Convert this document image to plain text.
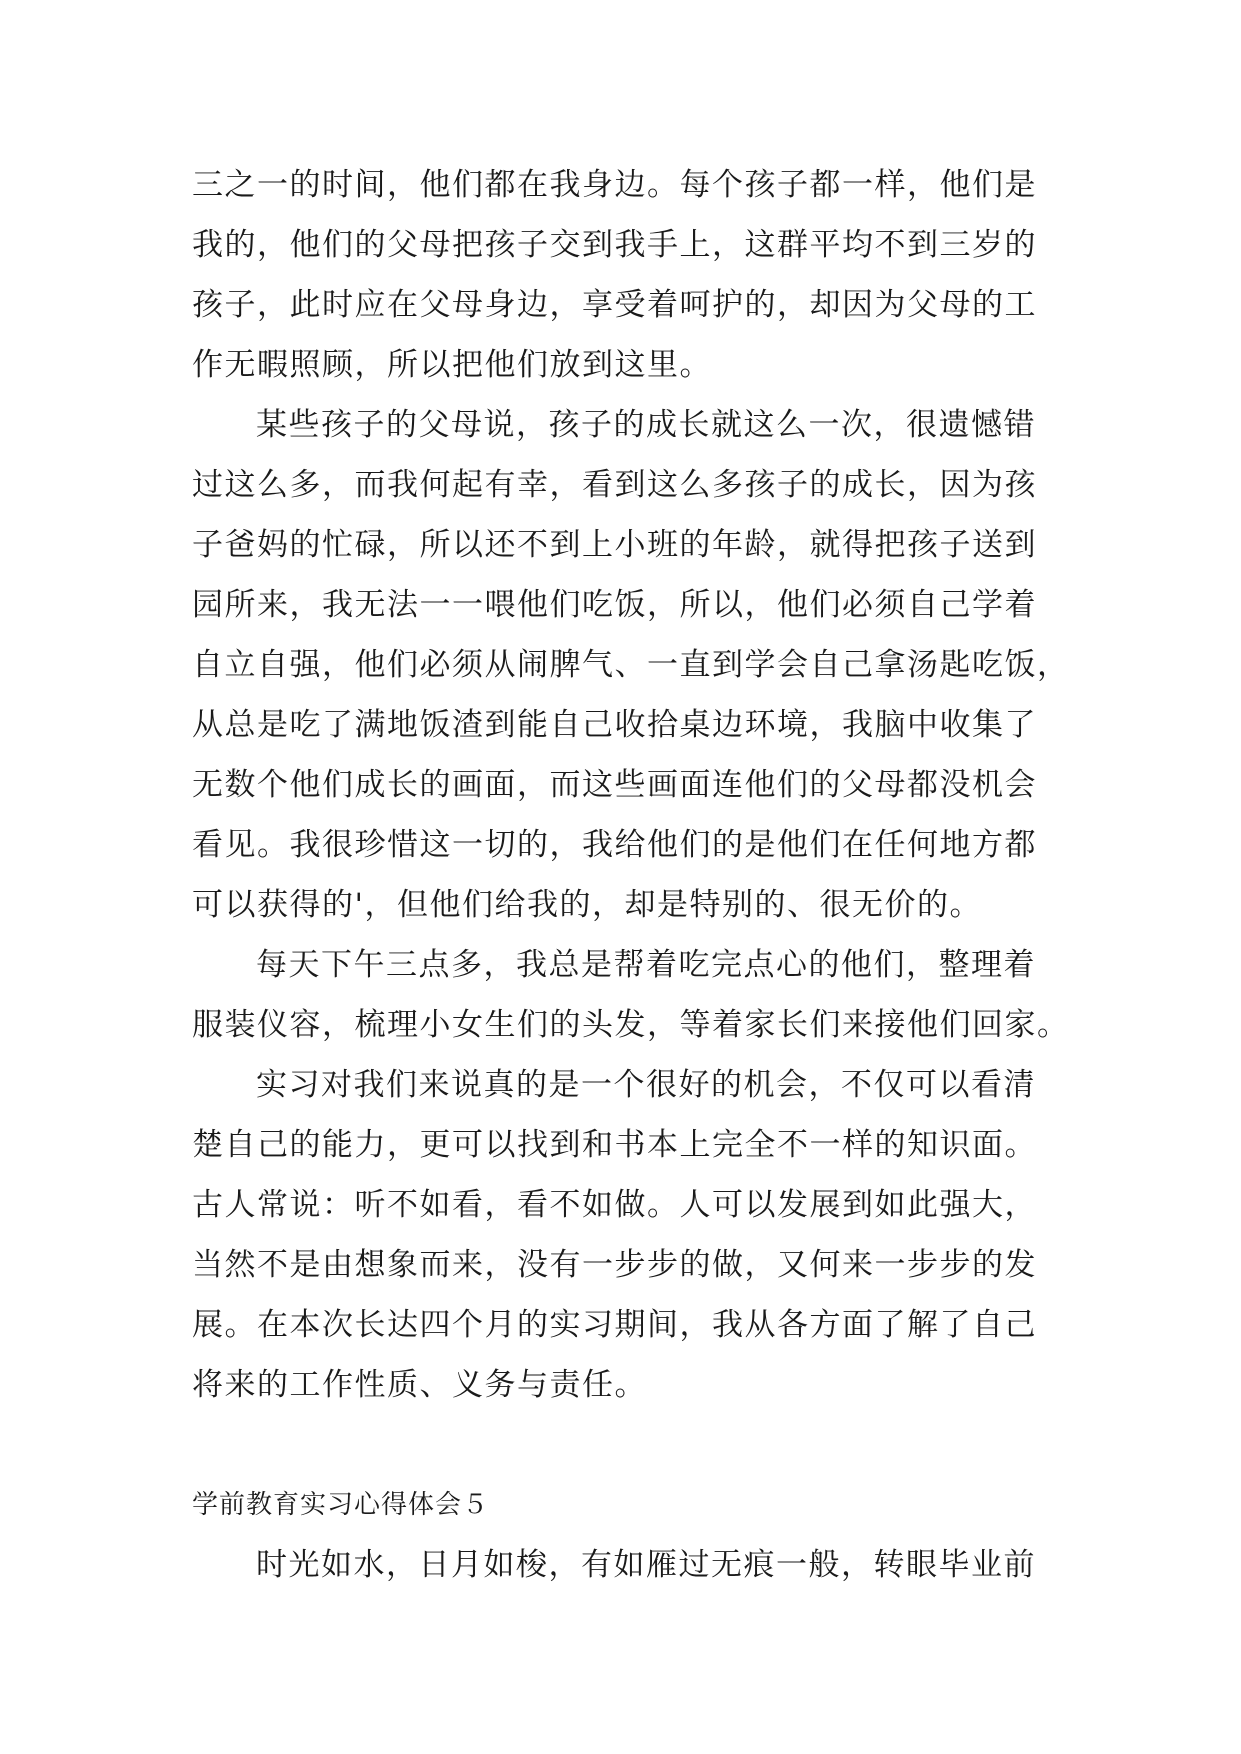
三之一的时间，他们都在我身边。每个孩子都一样，他们是
我的，他们的父母把孩子交到我手上，这群平均不到三岁的
孩子，此时应在父母身边，享受着呵护的，却因为父母的工
作无暇照顾，所以把他们放到这里。
某些孩子的父母说，孩子的成长就这么一次，很遗憾错
过这么多，而我何起有幸，看到这么多孩子的成长，因为孩
子爸妈的忙碌，所以还不到上小班的年龄，就得把孩子送到
园所来，我无法一一喂他们吃饭，所以，他们必须自己学着
自立自强，他们必须从闹脾气、一直到学会自己拿汤匙吃饭，
从总是吃了满地饭渣到能自己收拾桌边环境，我脑中收集了
无数个他们成长的画面，而这些画面连他们的父母都没机会
看见。我很珍惜这一切的，我给他们的是他们在任何地方都
可以获得的'，但他们给我的，却是特别的、很无价的。
每天下午三点多，我总是帮着吃完点心的他们，整理着
服装仪容，梳理小女生们的头发，等着家长们来接他们回家。
实习对我们来说真的是一个很好的机会，不仅可以看清
楚自己的能力，更可以找到和书本上完全不一样的知识面。
古人常说：听不如看，看不如做。人可以发展到如此强大，
当然不是由想象而来，没有一步步的做，又何来一步步的发
展。在本次长达四个月的实习期间，我从各方面了解了自己
将来的工作性质、义务与责任。
学前教育实习心得体会５
时光如水，日月如梭，有如雁过无痕一般，转眼毕业前
